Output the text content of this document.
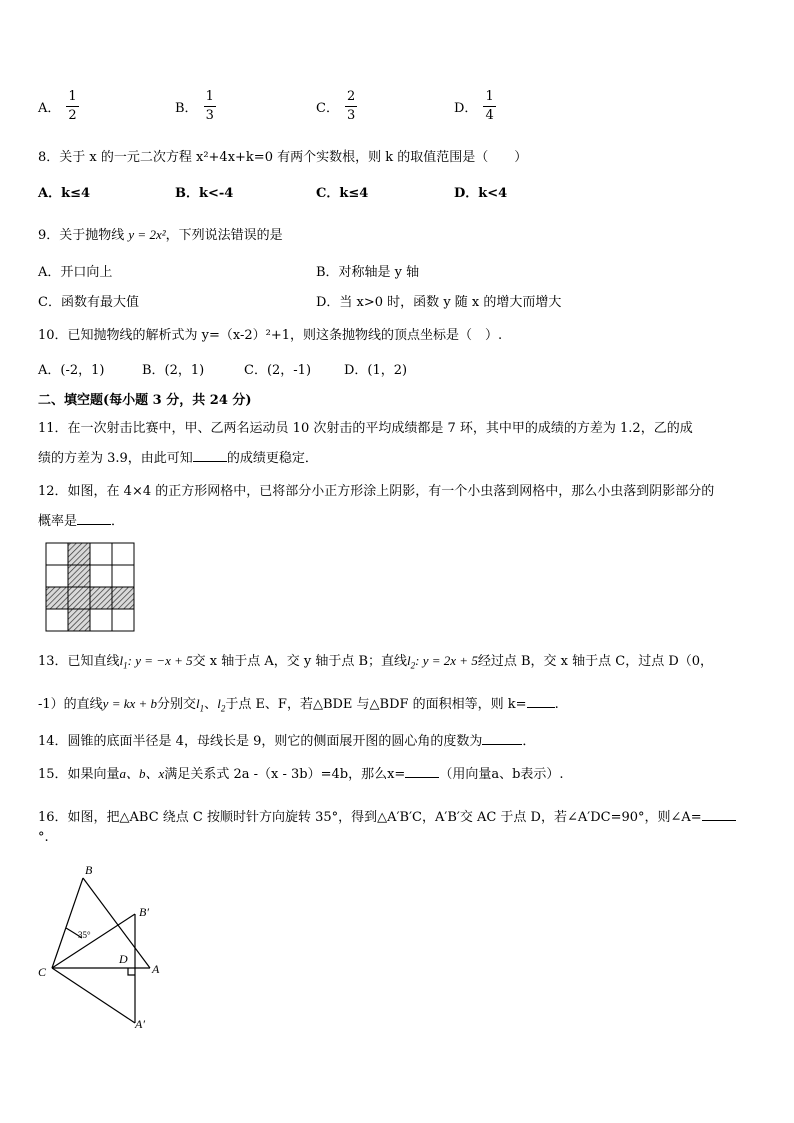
A． $\frac{1}{2}$	B． $\frac{1}{3}$	C． $\frac{2}{3}$	D． $\frac{1}{4}$
8．关于 x 的一元二次方程 x²+4x+k=0 有两个实数根，则 k 的取值范围是（　　）
A．k≤4	B．k<-4	C．k≤4	D．k<4
9．关于抛物线 y = 2x²，下列说法错误的是
A．开口向上	B．对称轴是 y 轴
C．函数有最大值	D．当 x>0 时，函数 y 随 x 的增大而增大
10．已知抛物线的解析式为 y=（x-2）²+1，则这条抛物线的顶点坐标是（　）.
A．(-2，1)	B．(2，1)	C．(2，-1)	D．(1，2)
二、填空题(每小题 3 分，共 24 分)
11．在一次射击比赛中，甲、乙两名运动员 10 次射击的平均成绩都是 7 环，其中甲的成绩的方差为 1.2，乙的成
绩的方差为 3.9，由此可知	的成绩更稳定．
12．如图，在 4×4 的正方形网格中，已将部分小正方形涂上阴影，有一个小虫落到网格中，那么小虫落到阴影部分的
概率是	．
13．已知直线$l_1$: y = −x + 5交 x 轴于点 A，交 y 轴于点 B；直线$l_2$: y = 2x + 5经过点 B，交 x 轴于点 C，过点 D（0，
-1）的直线y = kx + b分别交$l_1$、$l_2$于点 E、F，若△BDE 与△BDF 的面积相等，则 k= .
14．圆锥的底面半径是 4，母线长是 9，则它的侧面展开图的圆心角的度数为	．
15．如果向量a、b、x满足关系式 2a -（x - 3b）=4b，那么x=	（用向量a、b表示）.
16．如图，把△ABC 绕点 C 按顺时针方向旋转 35°，得到△A′B′C，A′B′交 AC 于点 D，若∠A′DC=90°，则∠A=
°.
B
B′
C
D
A
A′
35°
